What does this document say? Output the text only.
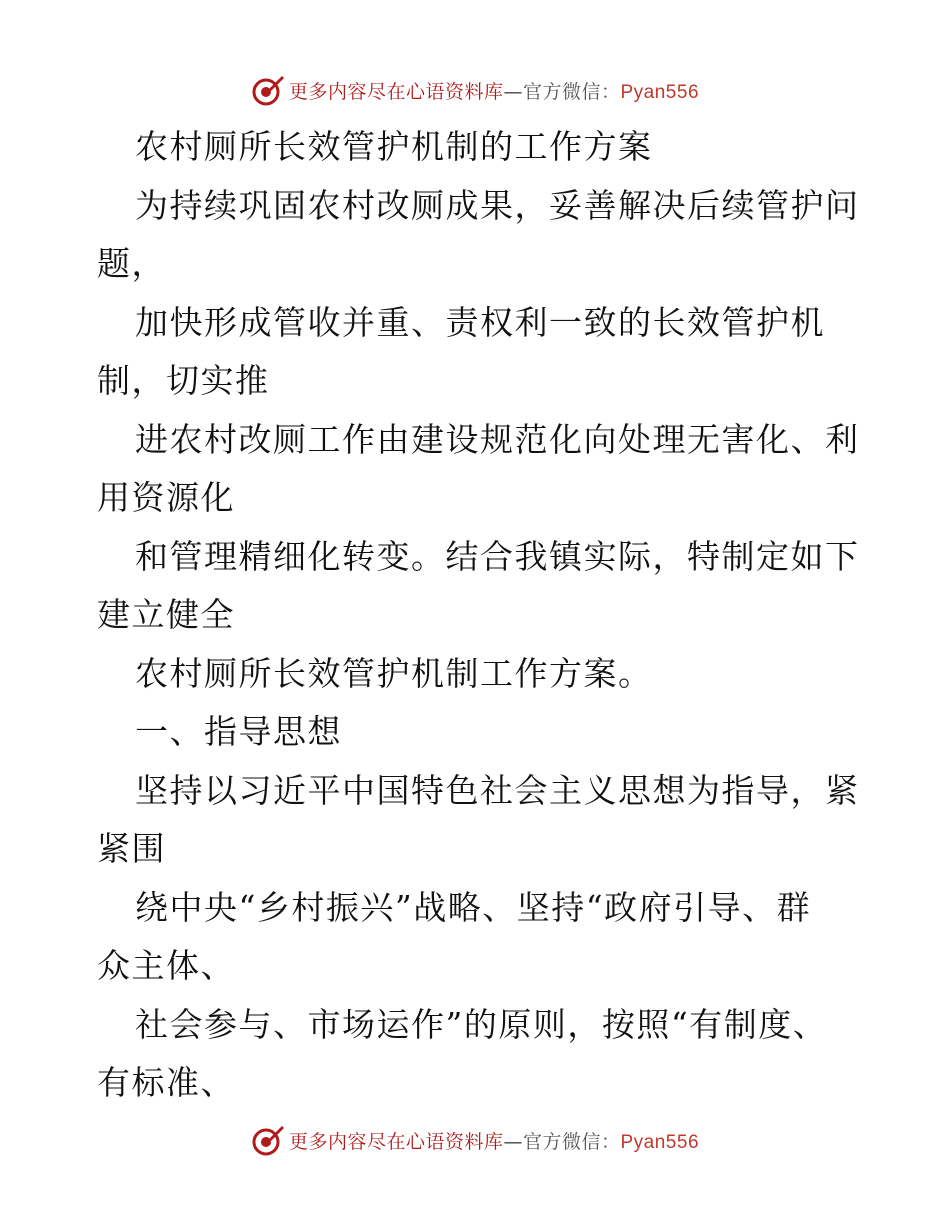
更多内容尽在心语资料库—官方微信：Pyan556
农村厕所长效管护机制的工作方案
为持续巩固农村改厕成果，妥善解决后续管护问
题，
加快形成管收并重、责权利一致的长效管护机
制，切实推
进农村改厕工作由建设规范化向处理无害化、利
用资源化
和管理精细化转变。结合我镇实际，特制定如下
建立健全
农村厕所长效管护机制工作方案。
一、指导思想
坚持以习近平中国特色社会主义思想为指导，紧
紧围
绕中央“乡村振兴”战略、坚持“政府引导、群
众主体、
社会参与、市场运作”的原则，按照“有制度、
有标准、
更多内容尽在心语资料库—官方微信：Pyan556
